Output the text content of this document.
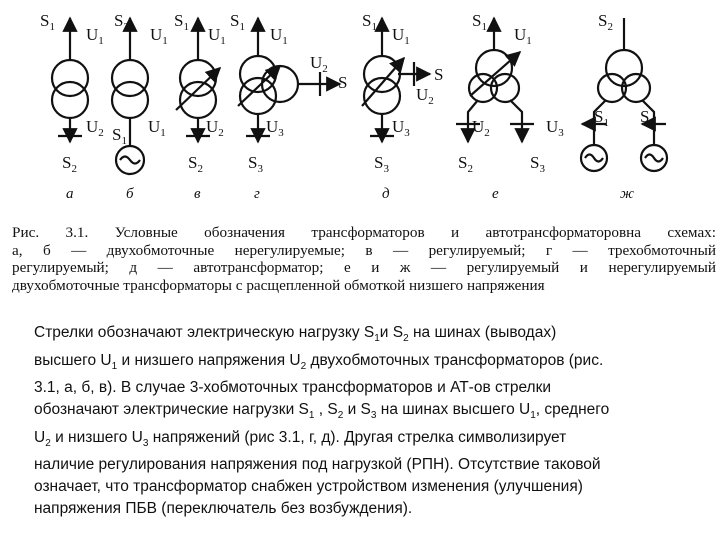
$S_1$ $U_1$
$U_2$
$S_2$
$S_2$ $U_1$
$S_1$
$U_1$
$S_1$ $U_1$
$U_2$
$S_2$
$S_1$ $U_1$
$U_2$
S
$U_3$
$S_3$
$S_1$ $U_1$
S
$U_2$
$U_3$
$S_3$
$S_1$ $U_1$
$U_2$	$U_3$
$S_2$	$S_3$
$S_2$
$S_1$ $S_1$
а	б	в	г	д	е	ж

Рис. 3.1. Условные обозначения трансформаторов и автотрансформаторовна схемах:

а, б — двухобмоточные нерегулируемые; в — регулируемый; г — трехобмоточный

регулируемый; д — автотрансформатор; е и ж — регулируемый и нерегулируемый

двухобмоточные трансформаторы с расщепленной обмоткой низшего напряжения

Стрелки обозначают электрическую нагрузку $S_1и$ $S_2$ на шинах (выводах)

высшего $U_1$ и низшего напряжения $U_2$ двухобмоточных трансформаторов (рис.

3.1, а, б, в). В случае 3-хобмоточных трансформаторов и АТ-ов стрелки

обозначают электрические нагрузки $S_1$ , $S_2$ и $S_3$ на шинах высшего $U_1$, среднего

$U_2$ и низшего $U_3$ напряжений (рис 3.1, г, д). Другая стрелка символизирует

наличие регулирования напряжения под нагрузкой (РПН). Отсутствие таковой

означает, что трансформатор снабжен устройством изменения (улучшения)

напряжения ПБВ (переключатель без возбуждения).
